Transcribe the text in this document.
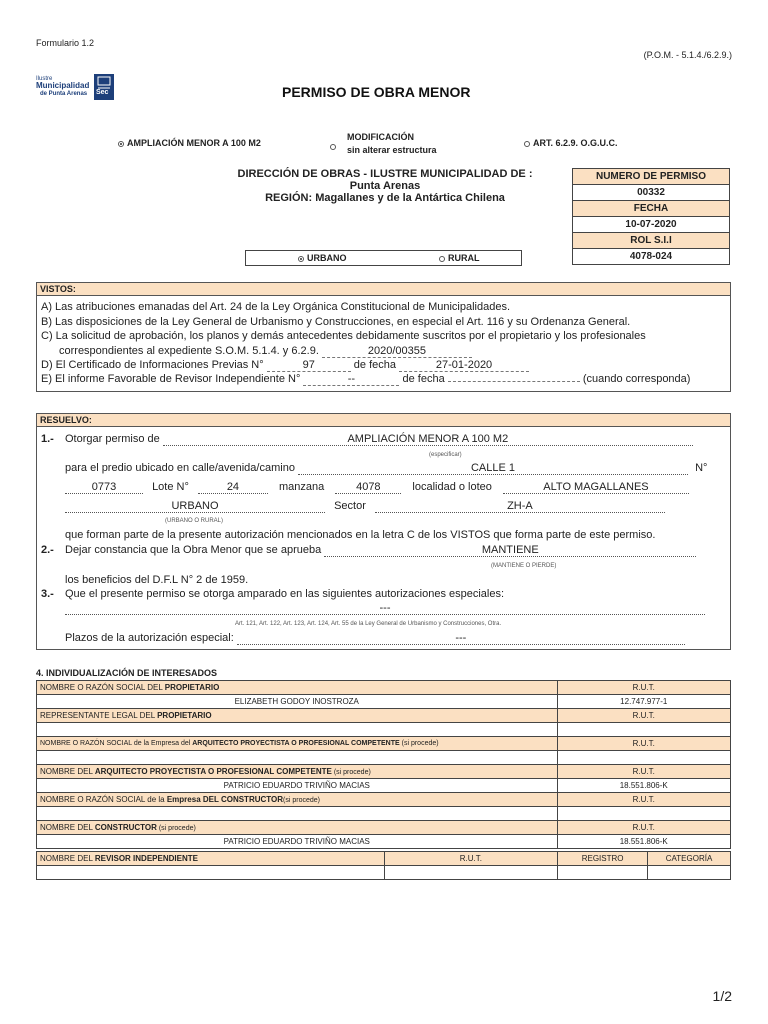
Formulario 1.2
(P.O.M. - 5.1.4./6.2.9.)
Ilustre
Municipalidad
de Punta Arenas Sec	PERMISO DE OBRA MENOR
AMPLIACIÓN MENOR A 100 M2
MODIFICACIÓN
sin alterar estructura
ART. 6.2.9. O.G.U.C.
DIRECCIÓN DE OBRAS - ILUSTRE MUNICIPALIDAD DE :
Punta Arenas
REGIÓN: Magallanes y de la Antártica Chilena
NUMERO DE PERMISO
00332
FECHA
10-07-2020
ROL S.I.I
4078-024
URBANO	RURAL
VISTOS:
A) Las atribuciones emanadas del Art. 24 de la Ley Orgánica Constitucional de Municipalidades.
B) Las disposiciones de la Ley General de Urbanismo y Construcciones, en especial el Art. 116 y su Ordenanza General.
C) La solicitud de aprobación, los planos y demás antecedentes debidamente suscritos por el propietario y los profesionales
correspondientes al expediente S.O.M. 5.1.4. y 6.2.9.	2020/00355
D) El Certificado de Informaciones Previas N°	97	de fecha	27-01-2020
E) El informe Favorable de Revisor Independiente N°	--	de fecha	(cuando corresponda)
RESUELVO:
1.- Otorgar permiso de	AMPLIACIÓN MENOR A 100 M2
(especificar)
para el predio ubicado en calle/avenida/camino	CALLE 1	N°
0773	Lote N°	24	manzana	4078	localidad o loteo	ALTO MAGALLANES
URBANO	Sector	ZH-A
(URBANO O RURAL)
que forman parte de la presente autorización mencionados en la letra C de los VISTOS que forma parte de este permiso.
2.- Dejar constancia que la Obra Menor que se aprueba	MANTIENE
(MANTIENE O PIERDE)
los beneficios del D.F.L N° 2 de 1959.
3.- Que el presente permiso se otorga amparado en las siguientes autorizaciones especiales:
---
Art. 121, Art. 122, Art. 123, Art. 124, Art. 55 de la Ley General de Urbanismo y Construcciones, Otra.
Plazos de la autorización especial:	---
4. INDIVIDUALIZACIÓN DE INTERESADOS
NOMBRE O RAZÓN SOCIAL DEL PROPIETARIO	R.U.T.
ELIZABETH GODOY INOSTROZA	12.747.977-1
REPRESENTANTE LEGAL DEL PROPIETARIO	R.U.T.

NOMBRE O RAZÓN SOCIAL de la Empresa del ARQUITECTO PROYECTISTA O PROFESIONAL COMPETENTE (si procede)	R.U.T.

NOMBRE DEL ARQUITECTO PROYECTISTA O PROFESIONAL COMPETENTE (si procede)	R.U.T.
PATRICIO EDUARDO TRIVIÑO MACIAS	18.551.806-K
NOMBRE O RAZÓN SOCIAL de la Empresa DEL CONSTRUCTOR(si procede)	R.U.T.

NOMBRE DEL CONSTRUCTOR (si procede)	R.U.T.
PATRICIO EDUARDO TRIVIÑO MACIAS	18.551.806-K
NOMBRE DEL REVISOR INDEPENDIENTE	R.U.T.	REGISTRO	CATEGORÍA

1/2
